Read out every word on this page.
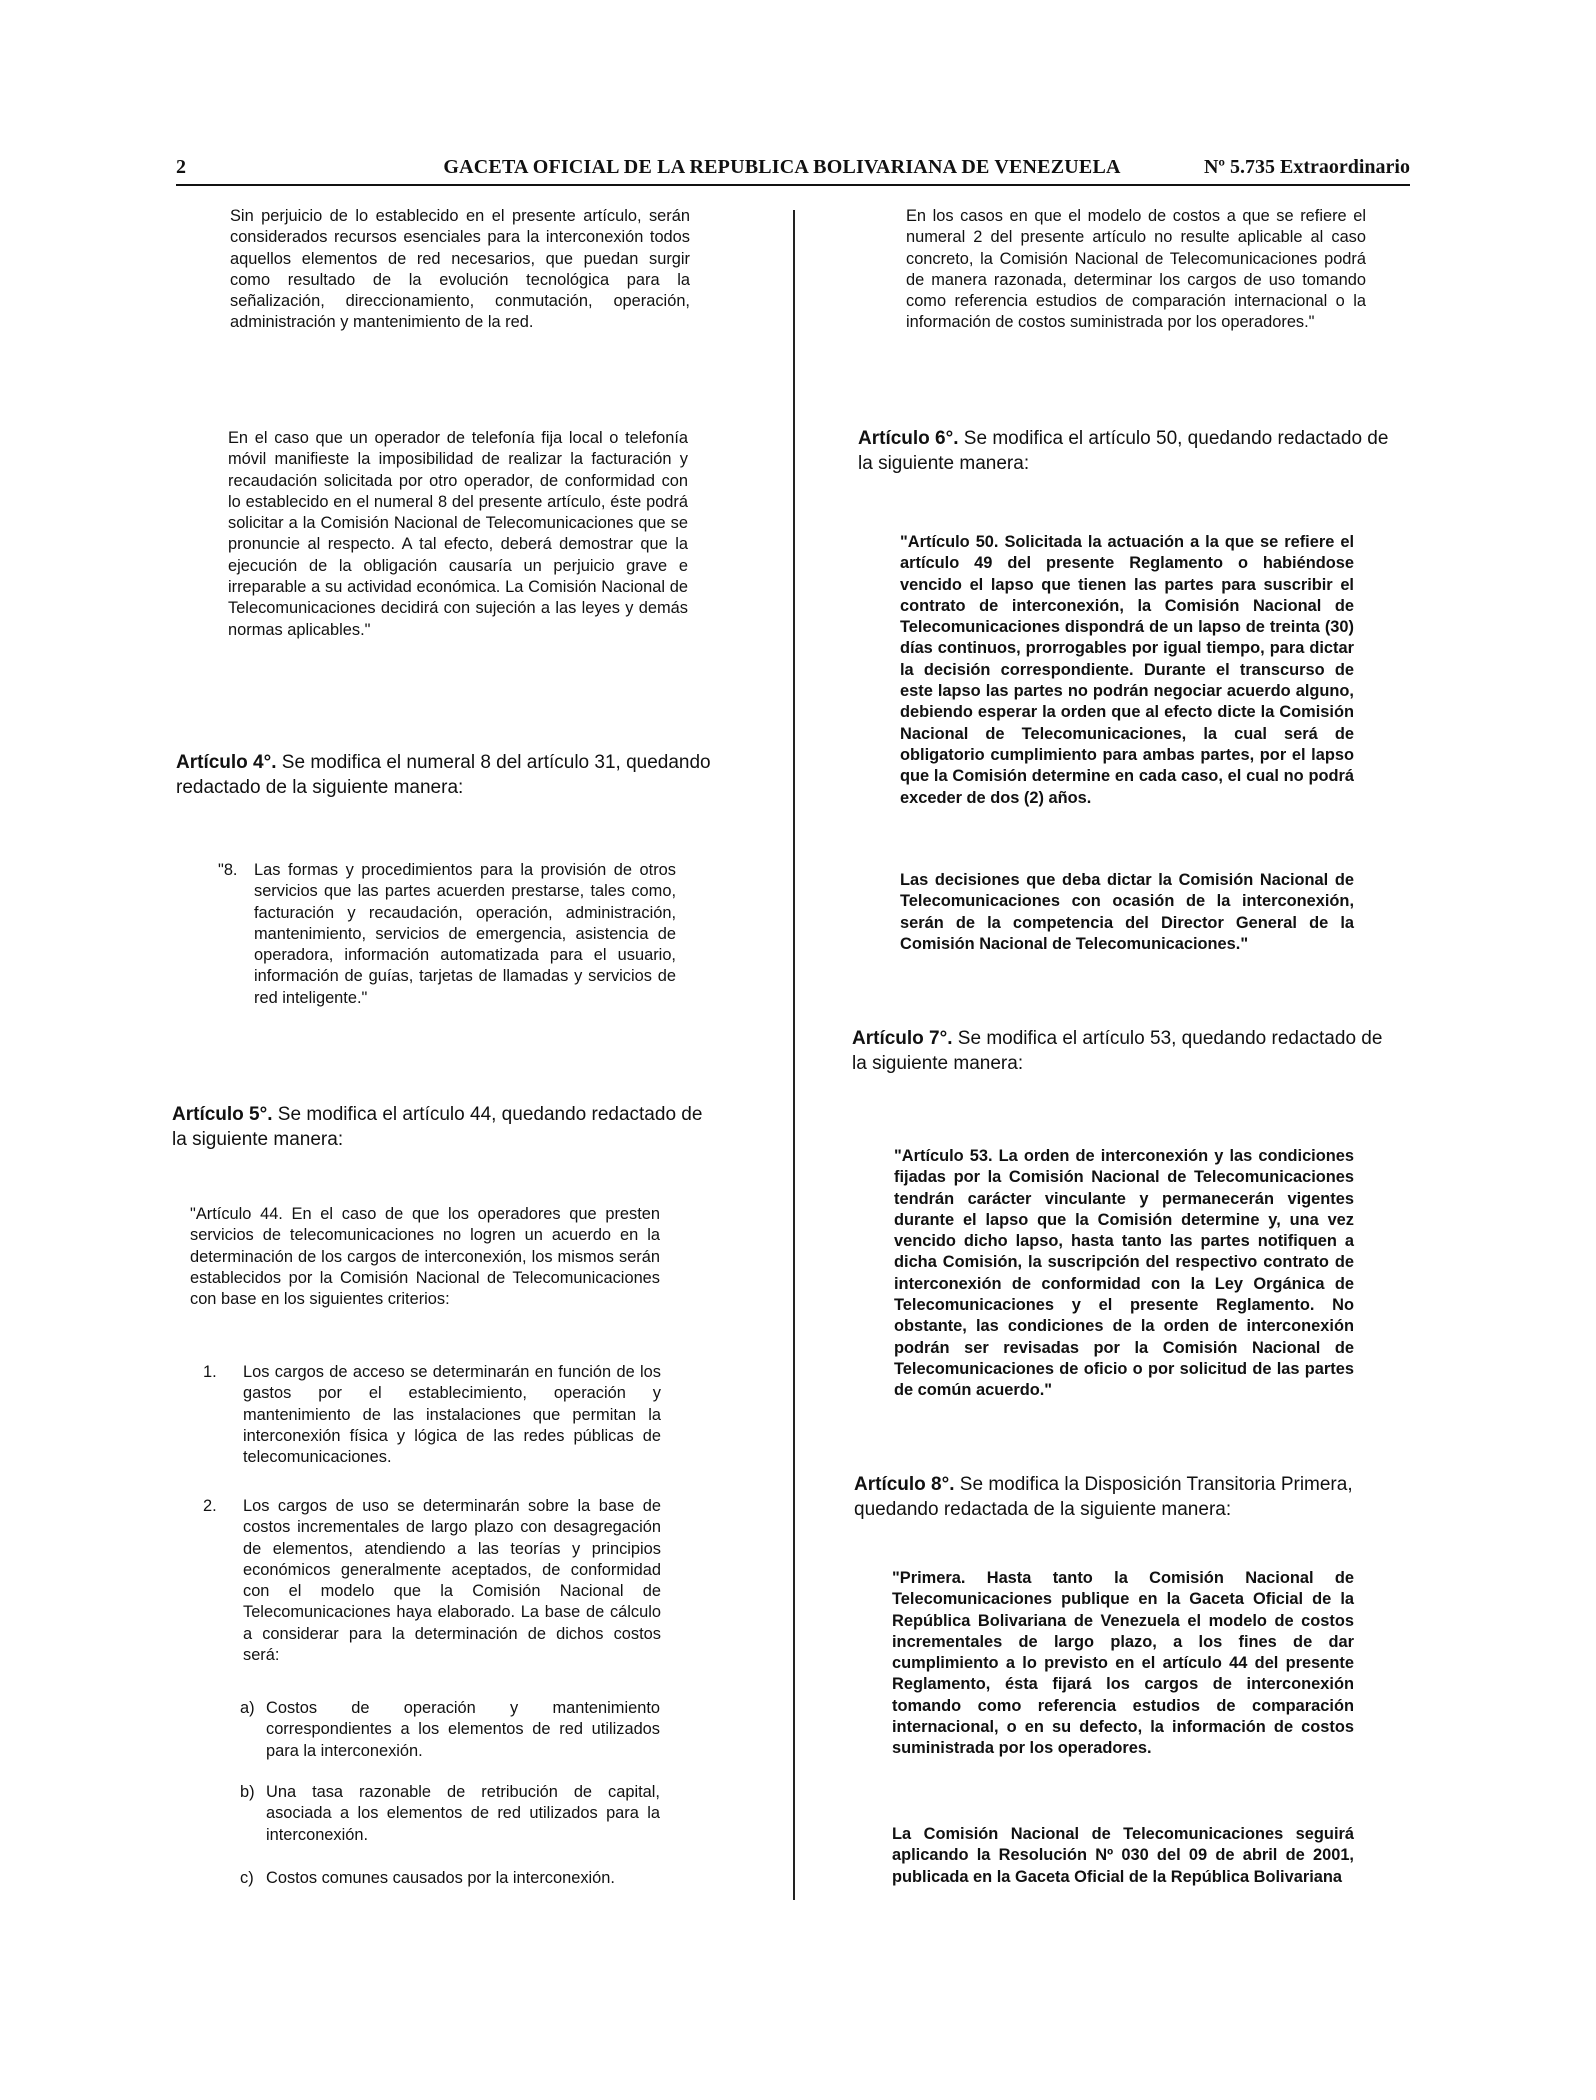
2	GACETA OFICIAL DE LA REPUBLICA BOLIVARIANA DE VENEZUELA	Nº 5.735 Extraordinario

Sin perjuicio de lo establecido en el presente artículo, serán considerados recursos esenciales para la interconexión todos aquellos elementos de red necesarios, que puedan surgir como resultado de la evolución tecnológica para la señalización, direccionamiento, conmutación, operación, administración y mantenimiento de la red.

En el caso que un operador de telefonía fija local o telefonía móvil manifieste la imposibilidad de realizar la facturación y recaudación solicitada por otro operador, de conformidad con lo establecido en el numeral 8 del presente artículo, éste podrá solicitar a la Comisión Nacional de Telecomunicaciones que se pronuncie al respecto. A tal efecto, deberá demostrar que la ejecución de la obligación causaría un perjuicio grave e irreparable a su actividad económica. La Comisión Nacional de Telecomunicaciones decidirá con sujeción a las leyes y demás normas aplicables."

Artículo 4°. Se modifica el numeral 8 del artículo 31, quedando redactado de la siguiente manera:
"8. Las formas y procedimientos para la provisión de otros servicios que las partes acuerden prestarse, tales como, facturación y recaudación, operación, administración, mantenimiento, servicios de emergencia, asistencia de operadora, información automatizada para el usuario, información de guías, tarjetas de llamadas y servicios de red inteligente."
Artículo 5°. Se modifica el artículo 44, quedando redactado de la siguiente manera:

"Artículo 44. En el caso de que los operadores que presten servicios de telecomunicaciones no logren un acuerdo en la determinación de los cargos de interconexión, los mismos serán establecidos por la Comisión Nacional de Telecomunicaciones con base en los siguientes criterios:

1. Los cargos de acceso se determinarán en función de los gastos por el establecimiento, operación y mantenimiento de las instalaciones que permitan la interconexión física y lógica de las redes públicas de telecomunicaciones.
2. Los cargos de uso se determinarán sobre la base de costos incrementales de largo plazo con desagregación de elementos, atendiendo a las teorías y principios económicos generalmente aceptados, de conformidad con el modelo que la Comisión Nacional de Telecomunicaciones haya elaborado. La base de cálculo a considerar para la determinación de dichos costos será:
a) Costos de operación y mantenimiento correspondientes a los elementos de red utilizados para la interconexión.
b) Una tasa razonable de retribución de capital, asociada a los elementos de red utilizados para la interconexión.
c) Costos comunes causados por la interconexión.

En los casos en que el modelo de costos a que se refiere el numeral 2 del presente artículo no resulte aplicable al caso concreto, la Comisión Nacional de Telecomunicaciones podrá de manera razonada, determinar los cargos de uso tomando como referencia estudios de comparación internacional o la información de costos suministrada por los operadores."

Artículo 6°. Se modifica el artículo 50, quedando redactado de la siguiente manera:

"Artículo 50. Solicitada la actuación a la que se refiere el artículo 49 del presente Reglamento o habiéndose vencido el lapso que tienen las partes para suscribir el contrato de interconexión, la Comisión Nacional de Telecomunicaciones dispondrá de un lapso de treinta (30) días continuos, prorrogables por igual tiempo, para dictar la decisión correspondiente. Durante el transcurso de este lapso las partes no podrán negociar acuerdo alguno, debiendo esperar la orden que al efecto dicte la Comisión Nacional de Telecomunicaciones, la cual será de obligatorio cumplimiento para ambas partes, por el lapso que la Comisión determine en cada caso, el cual no podrá exceder de dos (2) años.

Las decisiones que deba dictar la Comisión Nacional de Telecomunicaciones con ocasión de la interconexión, serán de la competencia del Director General de la Comisión Nacional de Telecomunicaciones."

Artículo 7°. Se modifica el artículo 53, quedando redactado de la siguiente manera:

"Artículo 53. La orden de interconexión y las condiciones fijadas por la Comisión Nacional de Telecomunicaciones tendrán carácter vinculante y permanecerán vigentes durante el lapso que la Comisión determine y, una vez vencido dicho lapso, hasta tanto las partes notifiquen a dicha Comisión, la suscripción del respectivo contrato de interconexión de conformidad con la Ley Orgánica de Telecomunicaciones y el presente Reglamento. No obstante, las condiciones de la orden de interconexión podrán ser revisadas por la Comisión Nacional de Telecomunicaciones de oficio o por solicitud de las partes de común acuerdo."

Artículo 8°. Se modifica la Disposición Transitoria Primera, quedando redactada de la siguiente manera:

"Primera. Hasta tanto la Comisión Nacional de Telecomunicaciones publique en la Gaceta Oficial de la República Bolivariana de Venezuela el modelo de costos incrementales de largo plazo, a los fines de dar cumplimiento a lo previsto en el artículo 44 del presente Reglamento, ésta fijará los cargos de interconexión tomando como referencia estudios de comparación internacional, o en su defecto, la información de costos suministrada por los operadores.

La Comisión Nacional de Telecomunicaciones seguirá aplicando la Resolución Nº 030 del 09 de abril de 2001, publicada en la Gaceta Oficial de la República Bolivariana
